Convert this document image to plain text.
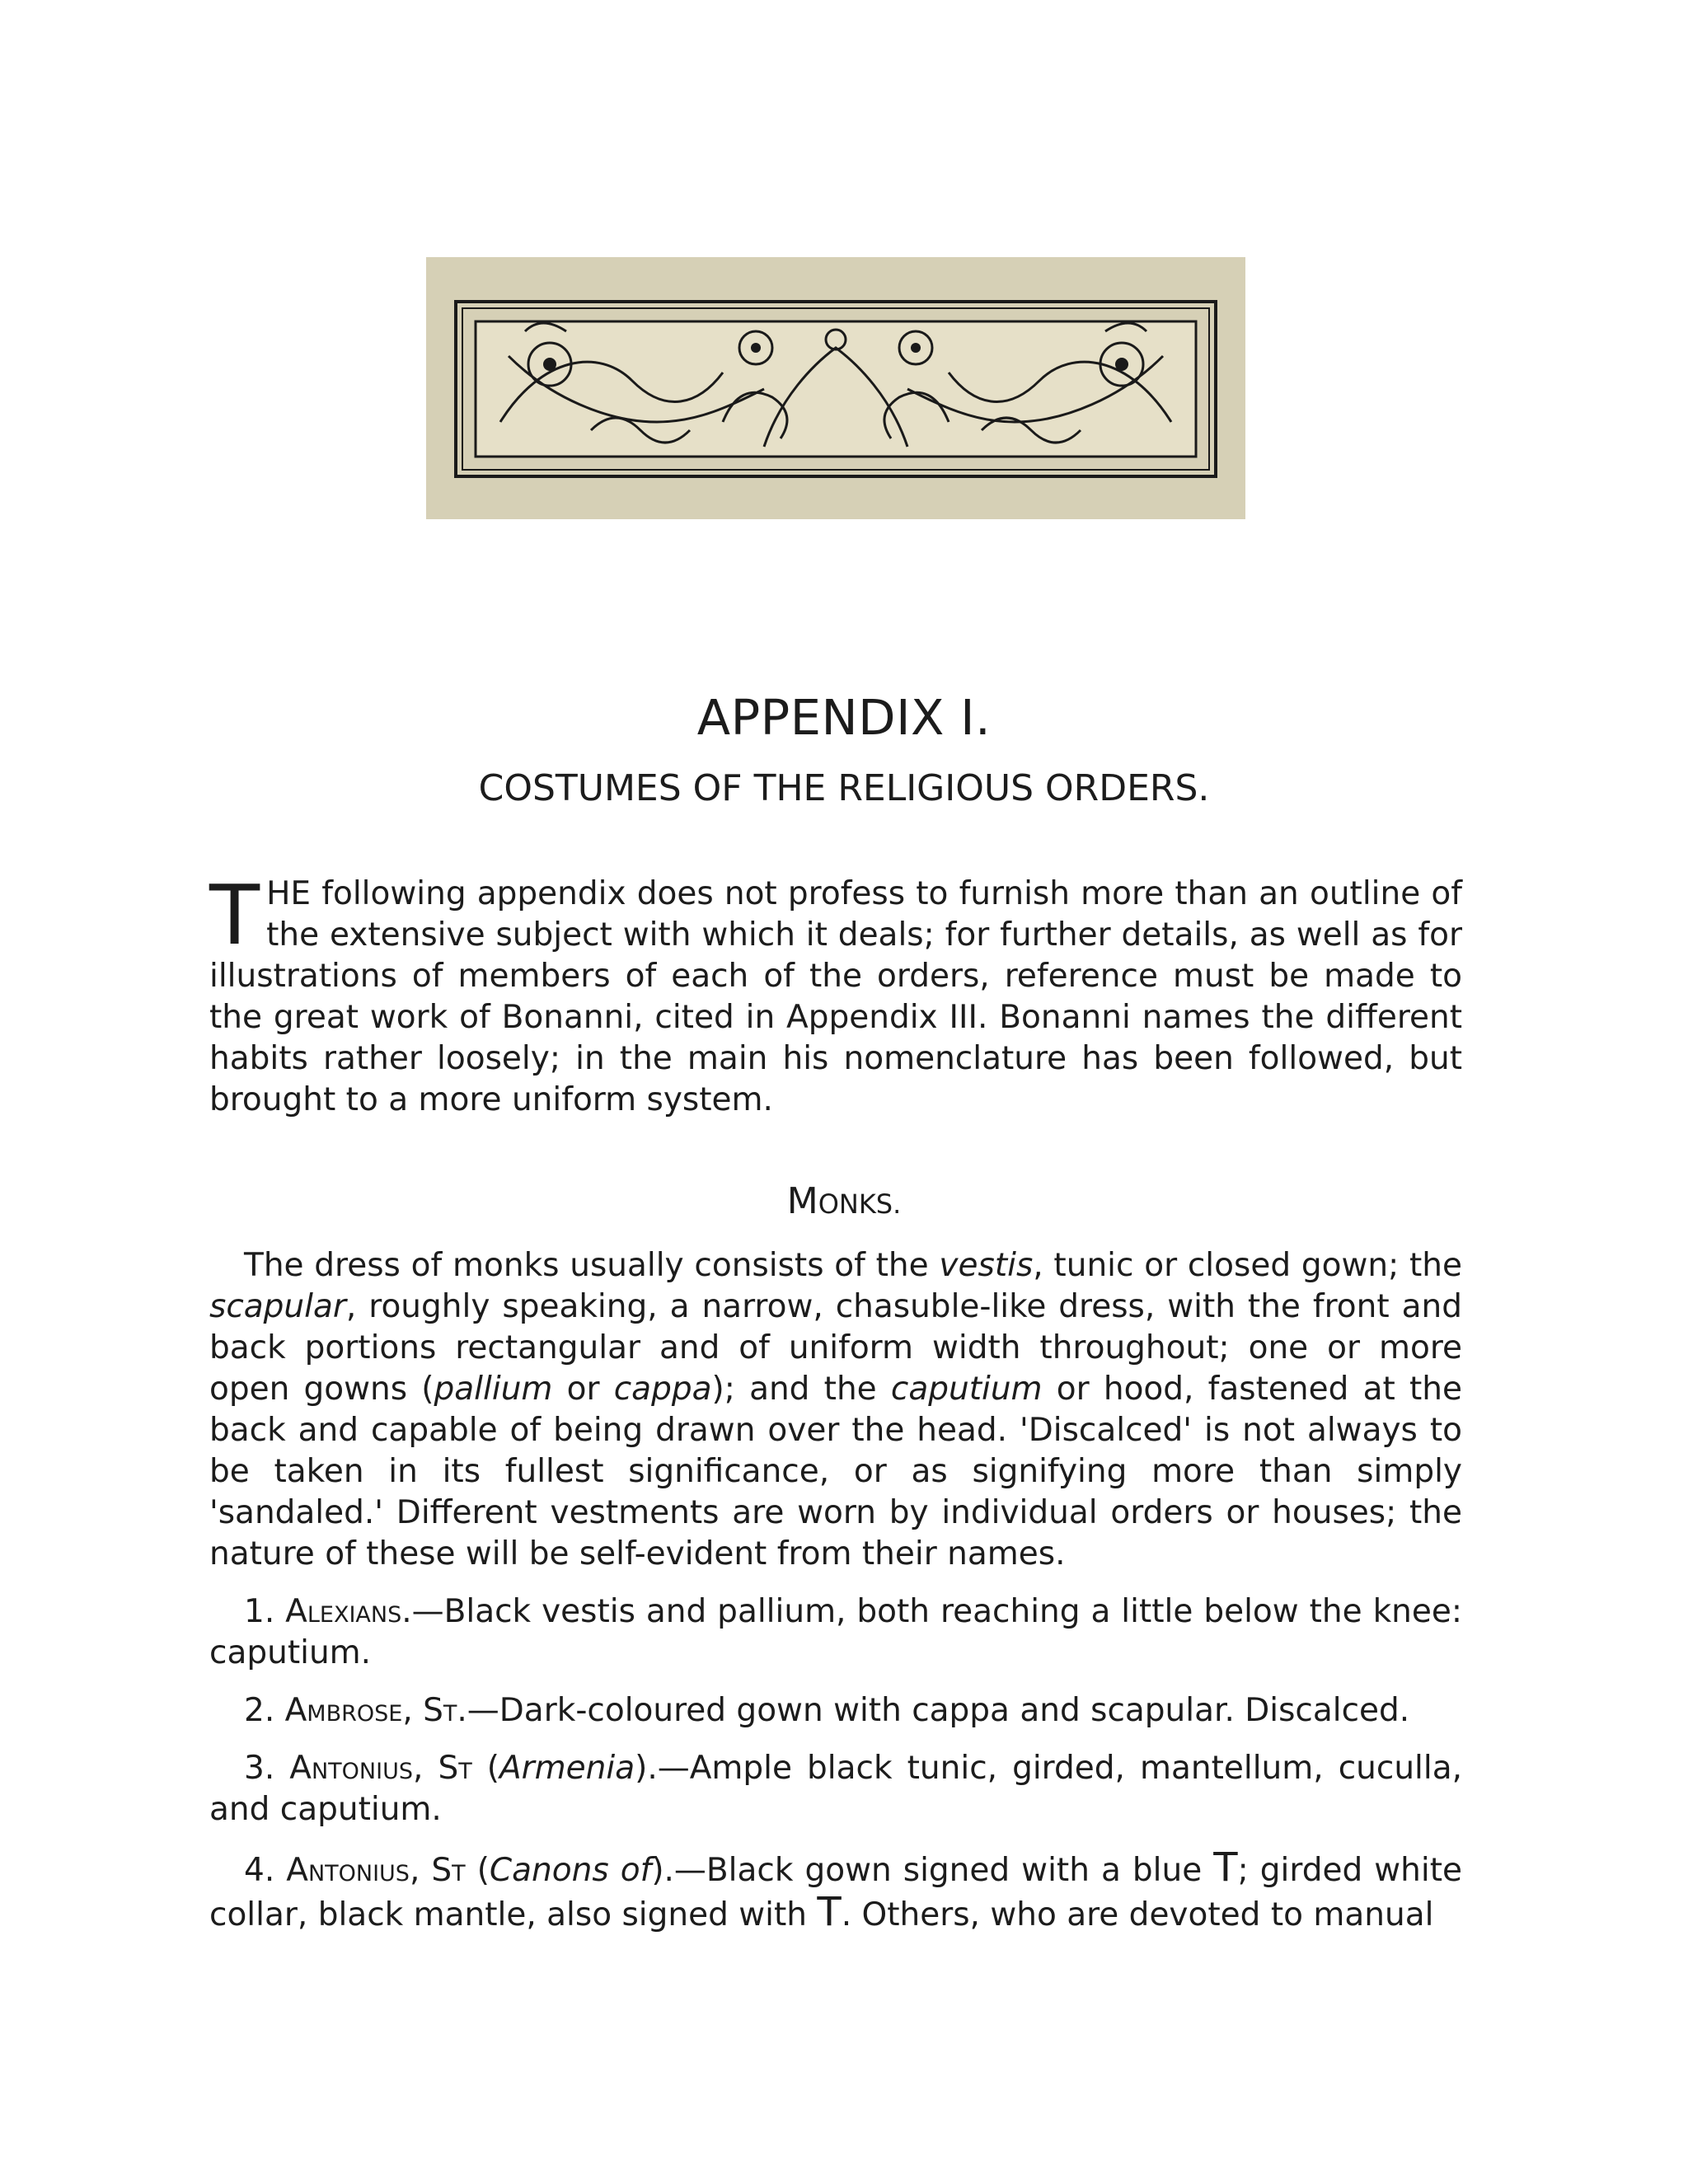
APPENDIX I.
COSTUMES OF THE RELIGIOUS ORDERS.

THE following appendix does not profess to furnish more than an outline of the extensive subject with which it deals; for further details, as well as for illustrations of members of each of the orders, reference must be made to the great work of Bonanni, cited in Appendix III. Bonanni names the different habits rather loosely; in the main his nomenclature has been followed, but brought to a more uniform system.

MONKS.

The dress of monks usually consists of the vestis, tunic or closed gown; the scapular, roughly speaking, a narrow, chasuble-like dress, with the front and back portions rectangular and of uniform width throughout; one or more open gowns (pallium or cappa); and the caputium or hood, fastened at the back and capable of being drawn over the head. 'Discalced' is not always to be taken in its fullest significance, or as signifying more than simply 'sandaled.' Different vestments are worn by individual orders or houses; the nature of these will be self-evident from their names.

1. Alexians.—Black vestis and pallium, both reaching a little below the knee: caputium.

2. Ambrose, St.—Dark-coloured gown with cappa and scapular. Discalced.

3. Antonius, St (Armenia).—Ample black tunic, girded, mantellum, cuculla, and caputium.

4. Antonius, St (Canons of).—Black gown signed with a blue T; girded white collar, black mantle, also signed with T. Others, who are devoted to manual
